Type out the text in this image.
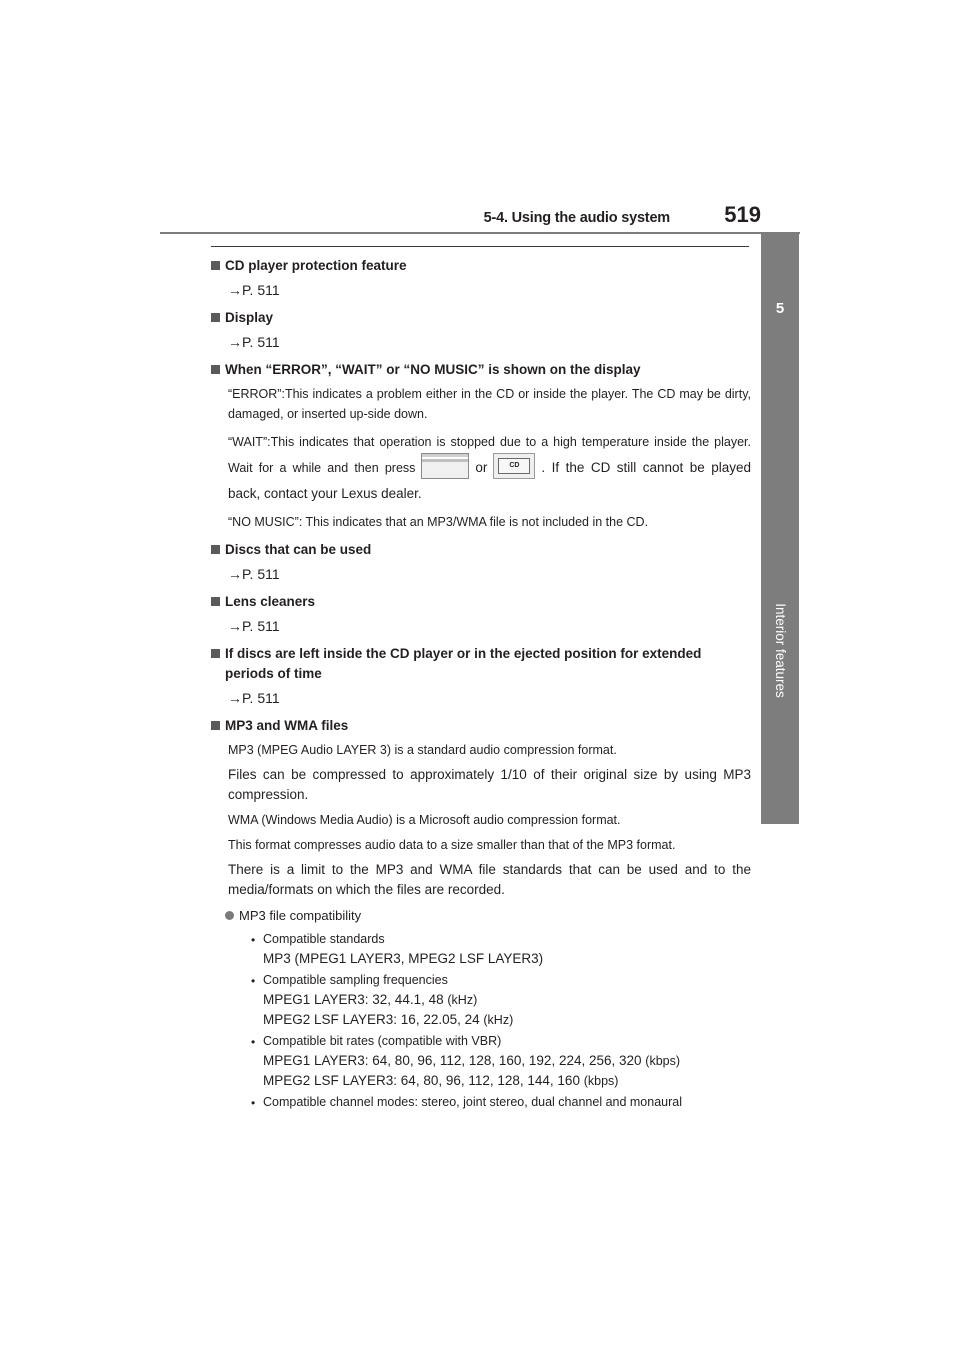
5-4. Using the audio system	519
5
Interior features
CD player protection feature
→P. 511
Display
→P. 511
When “ERROR”, “WAIT” or “NO MUSIC” is shown on the display
“ERROR”:This indicates a problem either in the CD or inside the player. The CD may be dirty, damaged, or inserted up-side down.
“WAIT”:This indicates that operation is stopped due to a high temperature inside the player. Wait for a while and then press	or	CD	. If the CD still cannot be played back, contact your Lexus dealer.
“NO MUSIC”: This indicates that an MP3/WMA file is not included in the CD.
Discs that can be used
→P. 511
Lens cleaners
→P. 511
If discs are left inside the CD player or in the ejected position for extended periods of time
→P. 511
MP3 and WMA files
MP3 (MPEG Audio LAYER 3) is a standard audio compression format.
Files can be compressed to approximately 1/10 of their original size by using MP3 compression.
WMA (Windows Media Audio) is a Microsoft audio compression format.
This format compresses audio data to a size smaller than that of the MP3 format.
There is a limit to the MP3 and WMA file standards that can be used and to the media/formats on which the files are recorded.
MP3 file compatibility
• Compatible standards
MP3 (MPEG1 LAYER3, MPEG2 LSF LAYER3)
• Compatible sampling frequencies
MPEG1 LAYER3: 32, 44.1, 48 (kHz)
MPEG2 LSF LAYER3: 16, 22.05, 24 (kHz)
• Compatible bit rates (compatible with VBR)
MPEG1 LAYER3: 64, 80, 96, 112, 128, 160, 192, 224, 256, 320 (kbps)
MPEG2 LSF LAYER3: 64, 80, 96, 112, 128, 144, 160 (kbps)
• Compatible channel modes: stereo, joint stereo, dual channel and monaural
